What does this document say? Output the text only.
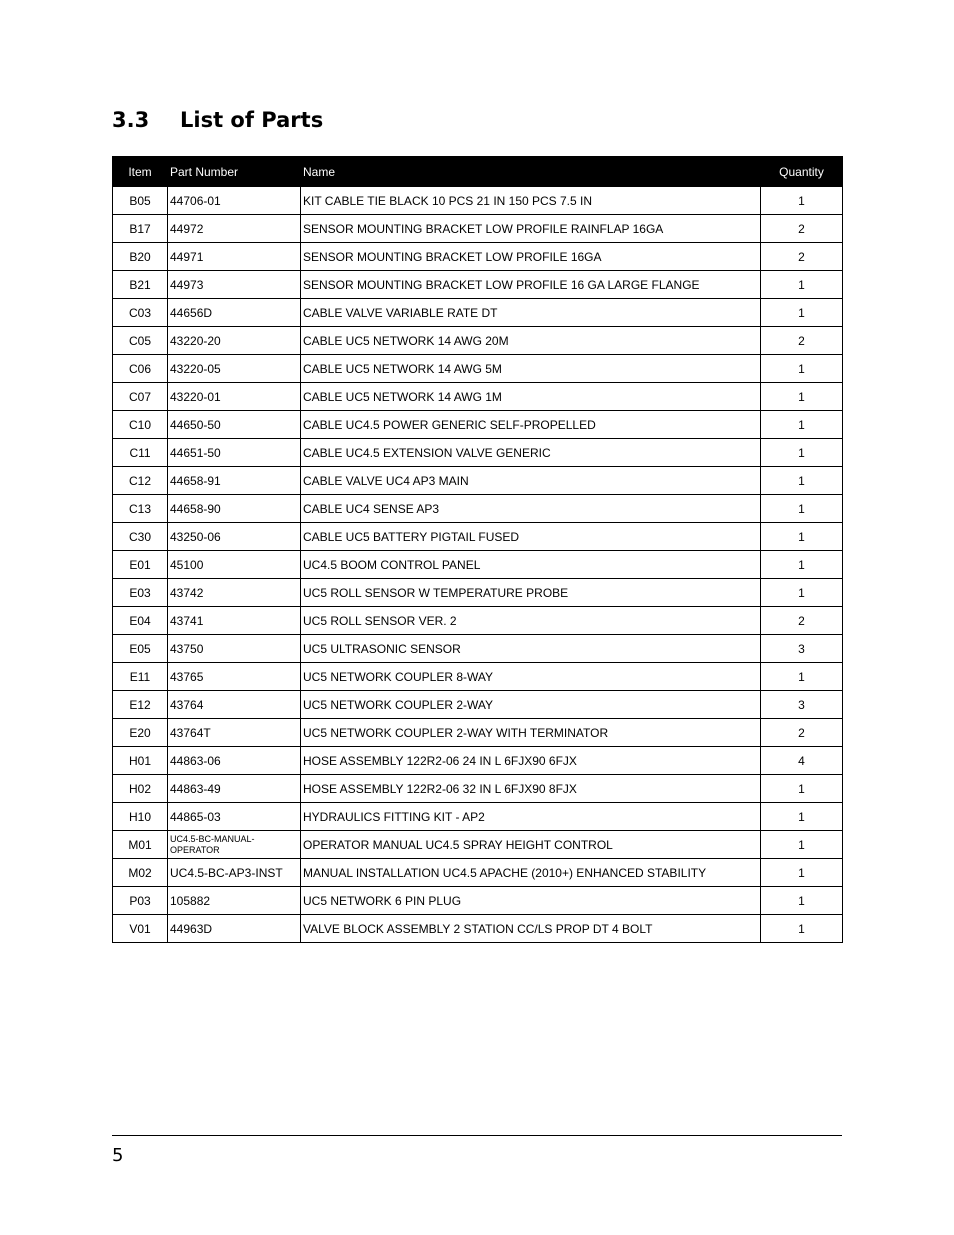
3.3 List of Parts
Item	Part Number	Name	Quantity
B05	44706-01	KIT CABLE TIE BLACK 10 PCS 21 IN 150 PCS 7.5 IN	1
B17	44972	SENSOR MOUNTING BRACKET LOW PROFILE RAINFLAP 16GA	2
B20	44971	SENSOR MOUNTING BRACKET LOW PROFILE 16GA	2
B21	44973	SENSOR MOUNTING BRACKET LOW PROFILE 16 GA LARGE FLANGE	1
C03	44656D	CABLE VALVE VARIABLE RATE DT	1
C05	43220-20	CABLE UC5 NETWORK 14 AWG 20M	2
C06	43220-05	CABLE UC5 NETWORK 14 AWG 5M	1
C07	43220-01	CABLE UC5 NETWORK 14 AWG 1M	1
C10	44650-50	CABLE UC4.5 POWER GENERIC SELF-PROPELLED	1
C11	44651-50	CABLE UC4.5 EXTENSION VALVE GENERIC	1
C12	44658-91	CABLE VALVE UC4 AP3 MAIN	1
C13	44658-90	CABLE UC4 SENSE AP3	1
C30	43250-06	CABLE UC5 BATTERY PIGTAIL FUSED	1
E01	45100	UC4.5 BOOM CONTROL PANEL	1
E03	43742	UC5 ROLL SENSOR W TEMPERATURE PROBE	1
E04	43741	UC5 ROLL SENSOR VER. 2	2
E05	43750	UC5 ULTRASONIC SENSOR	3
E11	43765	UC5 NETWORK COUPLER 8-WAY	1
E12	43764	UC5 NETWORK COUPLER 2-WAY	3
E20	43764T	UC5 NETWORK COUPLER 2-WAY WITH TERMINATOR	2
H01	44863-06	HOSE ASSEMBLY 122R2-06 24 IN L 6FJX90 6FJX	4
H02	44863-49	HOSE ASSEMBLY 122R2-06 32 IN L 6FJX90 8FJX	1
H10	44865-03	HYDRAULICS FITTING KIT - AP2	1
M01	UC4.5-BC-MANUAL-OPERATOR	OPERATOR MANUAL UC4.5 SPRAY HEIGHT CONTROL	1
M02	UC4.5-BC-AP3-INST	MANUAL INSTALLATION UC4.5 APACHE (2010+) ENHANCED STABILITY	1
P03	105882	UC5 NETWORK 6 PIN PLUG	1
V01	44963D	VALVE BLOCK ASSEMBLY 2 STATION CC/LS PROP DT 4 BOLT	1
5
